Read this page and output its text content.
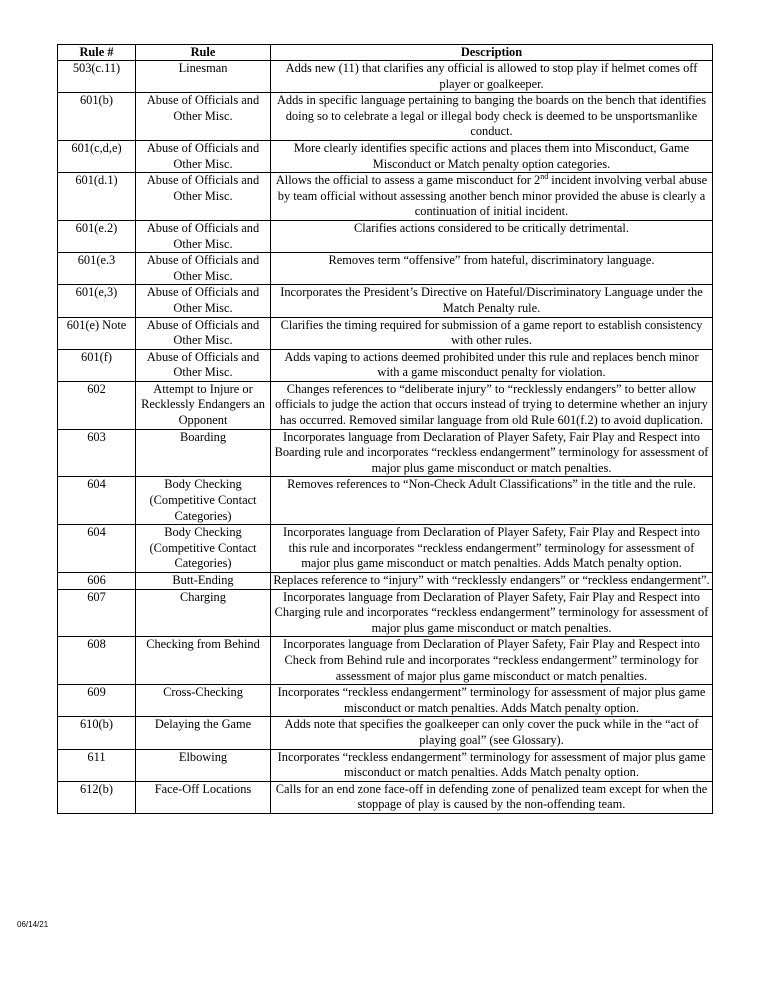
Rule #	Rule	Description
503(c.11)	Linesman	Adds new (11) that clarifies any official is allowed to stop play if helmet comes off player or goalkeeper.
601(b)	Abuse of Officials and Other Misc.	Adds in specific language pertaining to banging the boards on the bench that identifies doing so to celebrate a legal or illegal body check is deemed to be unsportsmanlike conduct.
601(c,d,e)	Abuse of Officials and Other Misc.	More clearly identifies specific actions and places them into Misconduct, Game Misconduct or Match penalty option categories.
601(d.1)	Abuse of Officials and Other Misc.	Allows the official to assess a game misconduct for 2nd incident involving verbal abuse by team official without assessing another bench minor provided the abuse is clearly a continuation of initial incident.
601(e.2)	Abuse of Officials and Other Misc.	Clarifies actions considered to be critically detrimental.
601(e.3	Abuse of Officials and Other Misc.	Removes term “offensive” from hateful, discriminatory language.
601(e,3)	Abuse of Officials and Other Misc.	Incorporates the President’s Directive on Hateful/Discriminatory Language under the Match Penalty rule.
601(e) Note	Abuse of Officials and Other Misc.	Clarifies the timing required for submission of a game report to establish consistency with other rules.
601(f)	Abuse of Officials and Other Misc.	Adds vaping to actions deemed prohibited under this rule and replaces bench minor with a game misconduct penalty for violation.
602	Attempt to Injure or Recklessly Endangers an Opponent	Changes references to “deliberate injury” to “recklessly endangers” to better allow officials to judge the action that occurs instead of trying to determine whether an injury has occurred. Removed similar language from old Rule 601(f.2) to avoid duplication.
603	Boarding	Incorporates language from Declaration of Player Safety, Fair Play and Respect into Boarding rule and incorporates “reckless endangerment” terminology for assessment of major plus game misconduct or match penalties.
604	Body Checking (Competitive Contact Categories)	Removes references to “Non-Check Adult Classifications” in the title and the rule.
604	Body Checking (Competitive Contact Categories)	Incorporates language from Declaration of Player Safety, Fair Play and Respect into this rule and incorporates “reckless endangerment” terminology for assessment of major plus game misconduct or match penalties. Adds Match penalty option.
606	Butt-Ending	Replaces reference to “injury” with “recklessly endangers” or “reckless endangerment”.
607	Charging	Incorporates language from Declaration of Player Safety, Fair Play and Respect into Charging rule and incorporates “reckless endangerment” terminology for assessment of major plus game misconduct or match penalties.
608	Checking from Behind	Incorporates language from Declaration of Player Safety, Fair Play and Respect into Check from Behind rule and incorporates “reckless endangerment” terminology for assessment of major plus game misconduct or match penalties.
609	Cross-Checking	Incorporates “reckless endangerment” terminology for assessment of major plus game misconduct or match penalties. Adds Match penalty option.
610(b)	Delaying the Game	Adds note that specifies the goalkeeper can only cover the puck while in the “act of playing goal” (see Glossary).
611	Elbowing	Incorporates “reckless endangerment” terminology for assessment of major plus game misconduct or match penalties. Adds Match penalty option.
612(b)	Face-Off Locations	Calls for an end zone face-off in defending zone of penalized team except for when the stoppage of play is caused by the non-offending team.
06/14/21
